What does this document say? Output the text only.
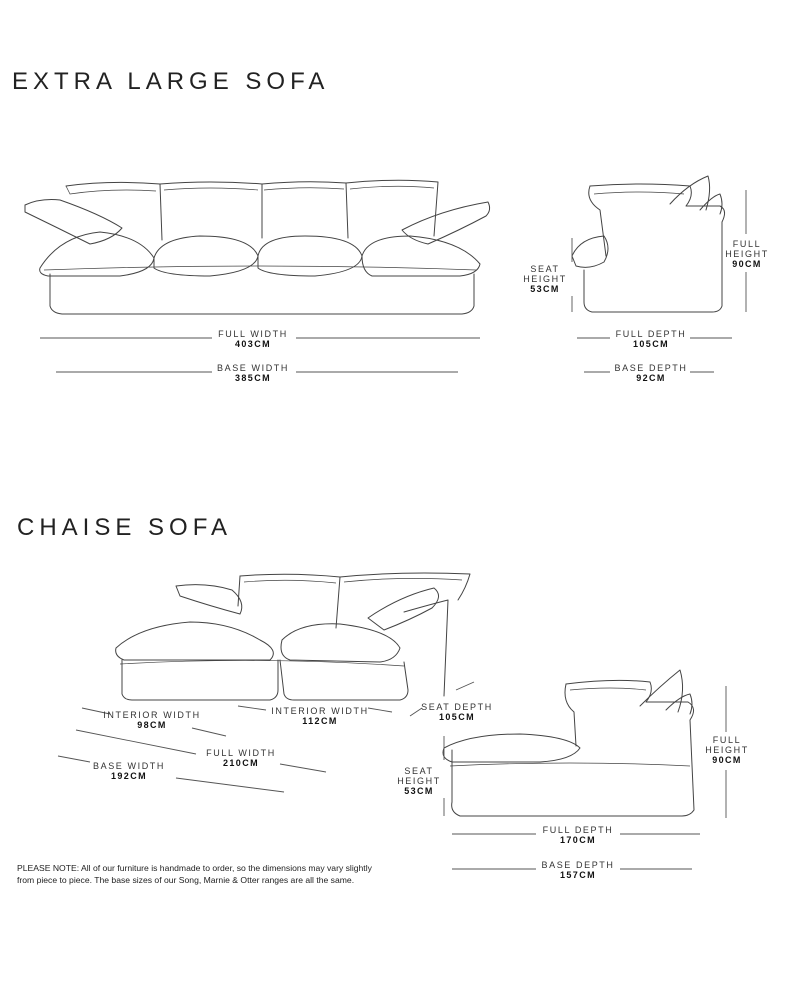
EXTRA LARGE SOFA
CHAISE SOFA
FULL WIDTH
403CM
BASE WIDTH
385CM
SEAT
HEIGHT
53CM
FULL
HEIGHT
90CM
FULL DEPTH
105CM
BASE DEPTH
92CM
INTERIOR WIDTH
98CM
INTERIOR WIDTH
112CM
SEAT DEPTH
105CM
FULL WIDTH
210CM
BASE WIDTH
192CM	SEAT
HEIGHT
53CM
FULL
HEIGHT
90CM
FULL DEPTH
170CM
BASE DEPTH
157CM
PLEASE NOTE: All of our furniture is handmade to order, so the dimensions may vary slightly
from piece to piece. The base sizes of our Song, Marnie & Otter ranges are all the same.
